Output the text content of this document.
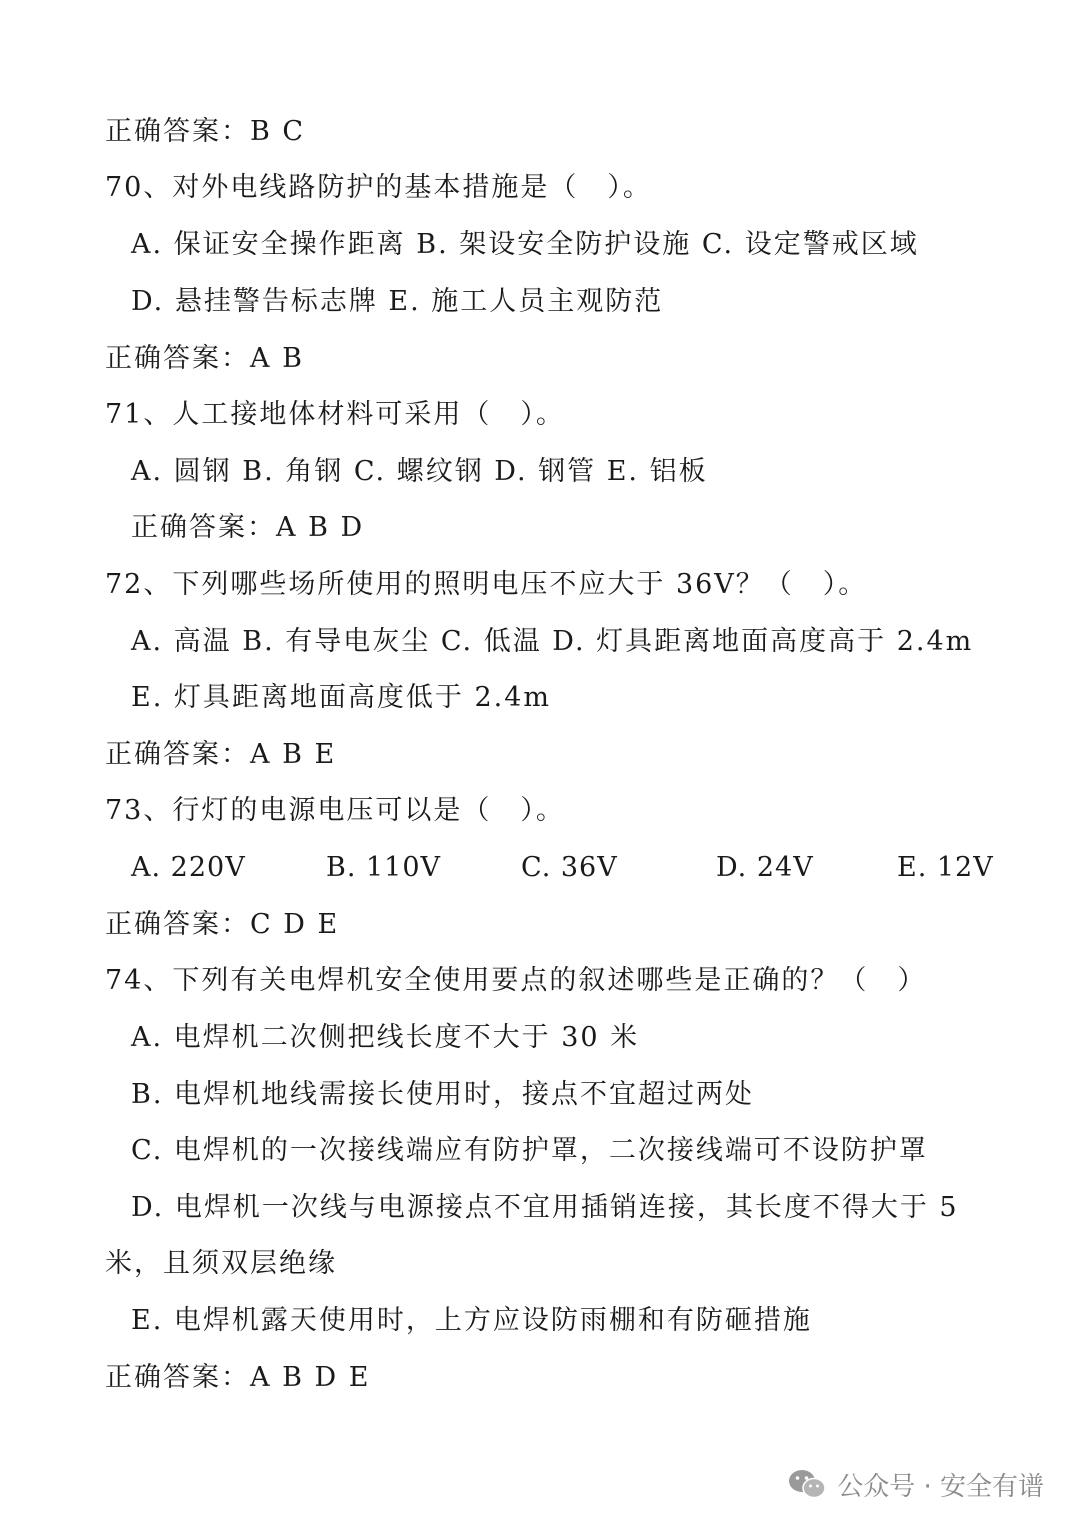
正确答案：B C
70、对外电线路防护的基本措施是（　）。
A. 保证安全操作距离 B. 架设安全防护设施 C. 设定警戒区域
D. 悬挂警告标志牌 E. 施工人员主观防范
正确答案：A B
71、人工接地体材料可采用（　）。
A. 圆钢 B. 角钢 C. 螺纹钢 D. 钢管 E. 铝板
正确答案：A B D
72、下列哪些场所使用的照明电压不应大于 36V？（　）。
A. 高温 B. 有导电灰尘 C. 低温 D. 灯具距离地面高度高于 2.4m
E. 灯具距离地面高度低于 2.4m
正确答案：A B E
73、行灯的电源电压可以是（　）。
A. 220V	B. 110V	C. 36V	D. 24V	E. 12V
正确答案：C D E
74、下列有关电焊机安全使用要点的叙述哪些是正确的？（　）
A. 电焊机二次侧把线长度不大于 30 米
B. 电焊机地线需接长使用时，接点不宜超过两处
C. 电焊机的一次接线端应有防护罩，二次接线端可不设防护罩
D. 电焊机一次线与电源接点不宜用插销连接，其长度不得大于 5
米，且须双层绝缘
E. 电焊机露天使用时，上方应设防雨棚和有防砸措施
正确答案：A B D E
公众号 · 安全有谱
